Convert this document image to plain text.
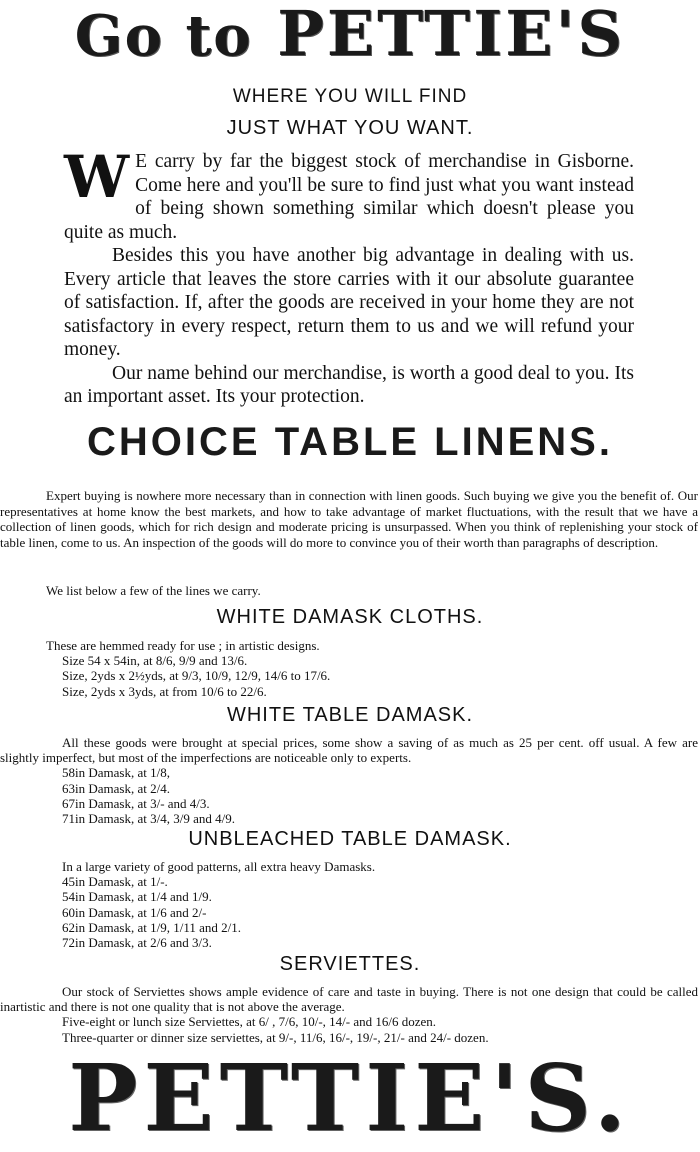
Go to PETTIE'S
WHERE YOU WILL FIND
JUST WHAT YOU WANT.

W E carry by far the biggest stock of merchandise in Gisborne. Come here and you'll be sure to find just what you want instead of being shown something similar which doesn't please you quite as much.

Besides this you have another big advantage in dealing with us. Every article that leaves the store carries with it our absolute guarantee of satisfaction. If, after the goods are received in your home they are not satisfactory in every respect, return them to us and we will refund your money.

Our name behind our merchandise, is worth a good deal to you. Its an important asset. Its your protection.

CHOICE TABLE LINENS.

Expert buying is nowhere more necessary than in connection with linen goods. Such buying we give you the benefit of. Our representatives at home know the best markets, and how to take advantage of market fluctuations, with the result that we have a collection of linen goods, which for rich design and moderate pricing is unsurpassed. When you think of replenishing your stock of table linen, come to us. An inspection of the goods will do more to convince you of their worth than paragraphs of description.

We list below a few of the lines we carry.
WHITE DAMASK CLOTHS.
These are hemmed ready for use ; in artistic designs.
Size 54 x 54in, at 8/6, 9/9 and 13/6.
Size, 2yds x 2½yds, at 9/3, 10/9, 12/9, 14/6 to 17/6.
Size, 2yds x 3yds, at from 10/6 to 22/6.
WHITE TABLE DAMASK.
All these goods were brought at special prices, some show a saving of as much as 25 per cent. off usual. A few are slightly imperfect, but most of the imperfections are noticeable only to experts.
58in Damask, at 1/8,
63in Damask, at 2/4.
67in Damask, at 3/- and 4/3.
71in Damask, at 3/4, 3/9 and 4/9.
UNBLEACHED TABLE DAMASK.
In a large variety of good patterns, all extra heavy Damasks.
45in Damask, at 1/-.
54in Damask, at 1/4 and 1/9.
60in Damask, at 1/6 and 2/-
62in Damask, at 1/9, 1/11 and 2/1.
72in Damask, at 2/6 and 3/3.
SERVIETTES.
Our stock of Serviettes shows ample evidence of care and taste in buying. There is not one design that could be called inartistic and there is not one quality that is not above the average.
Five-eight or lunch size Serviettes, at 6/ , 7/6, 10/-, 14/- and 16/6 dozen.
Three-quarter or dinner size serviettes, at 9/-, 11/6, 16/-, 19/-, 21/- and 24/- dozen.
PETTIE'S.
